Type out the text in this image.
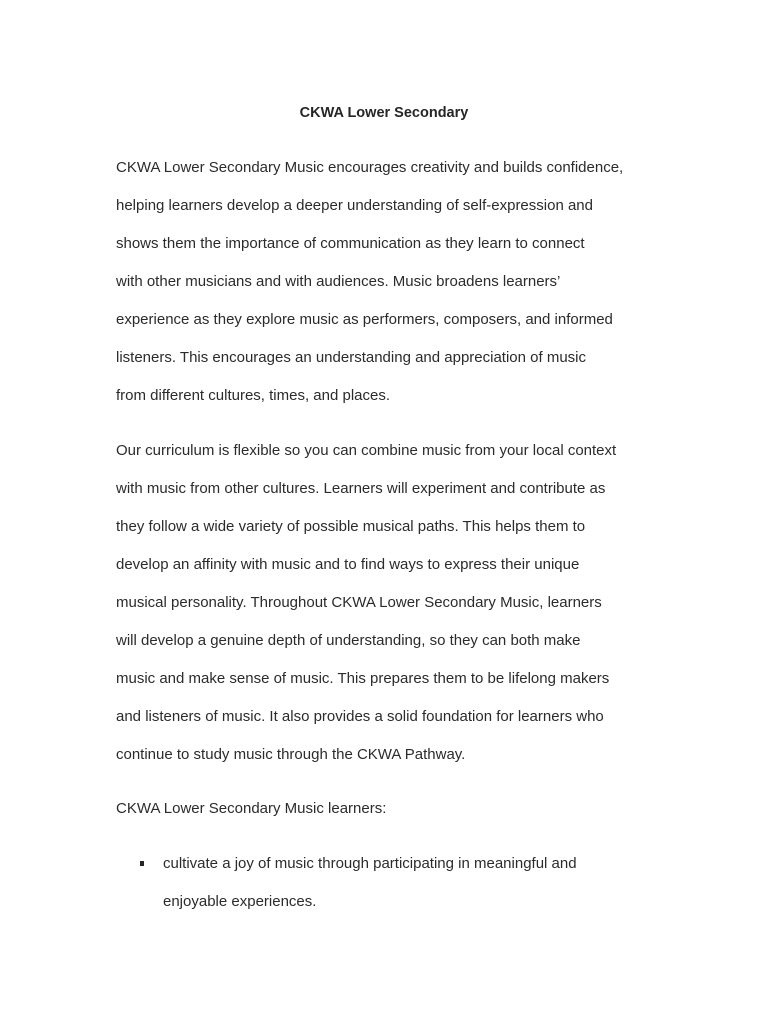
CKWA Lower Secondary
CKWA Lower Secondary Music encourages creativity and builds confidence,
helping learners develop a deeper understanding of self-expression and
shows them the importance of communication as they learn to connect
with other musicians and with audiences. Music broadens learners’
experience as they explore music as performers, composers, and informed
listeners. This encourages an understanding and appreciation of music
from different cultures, times, and places.
Our curriculum is flexible so you can combine music from your local context
with music from other cultures. Learners will experiment and contribute as
they follow a wide variety of possible musical paths. This helps them to
develop an affinity with music and to find ways to express their unique
musical personality. Throughout CKWA Lower Secondary Music, learners
will develop a genuine depth of understanding, so they can both make
music and make sense of music. This prepares them to be lifelong makers
and listeners of music. It also provides a solid foundation for learners who
continue to study music through the CKWA Pathway.
CKWA Lower Secondary Music learners:
cultivate a joy of music through participating in meaningful and
enjoyable experiences.
